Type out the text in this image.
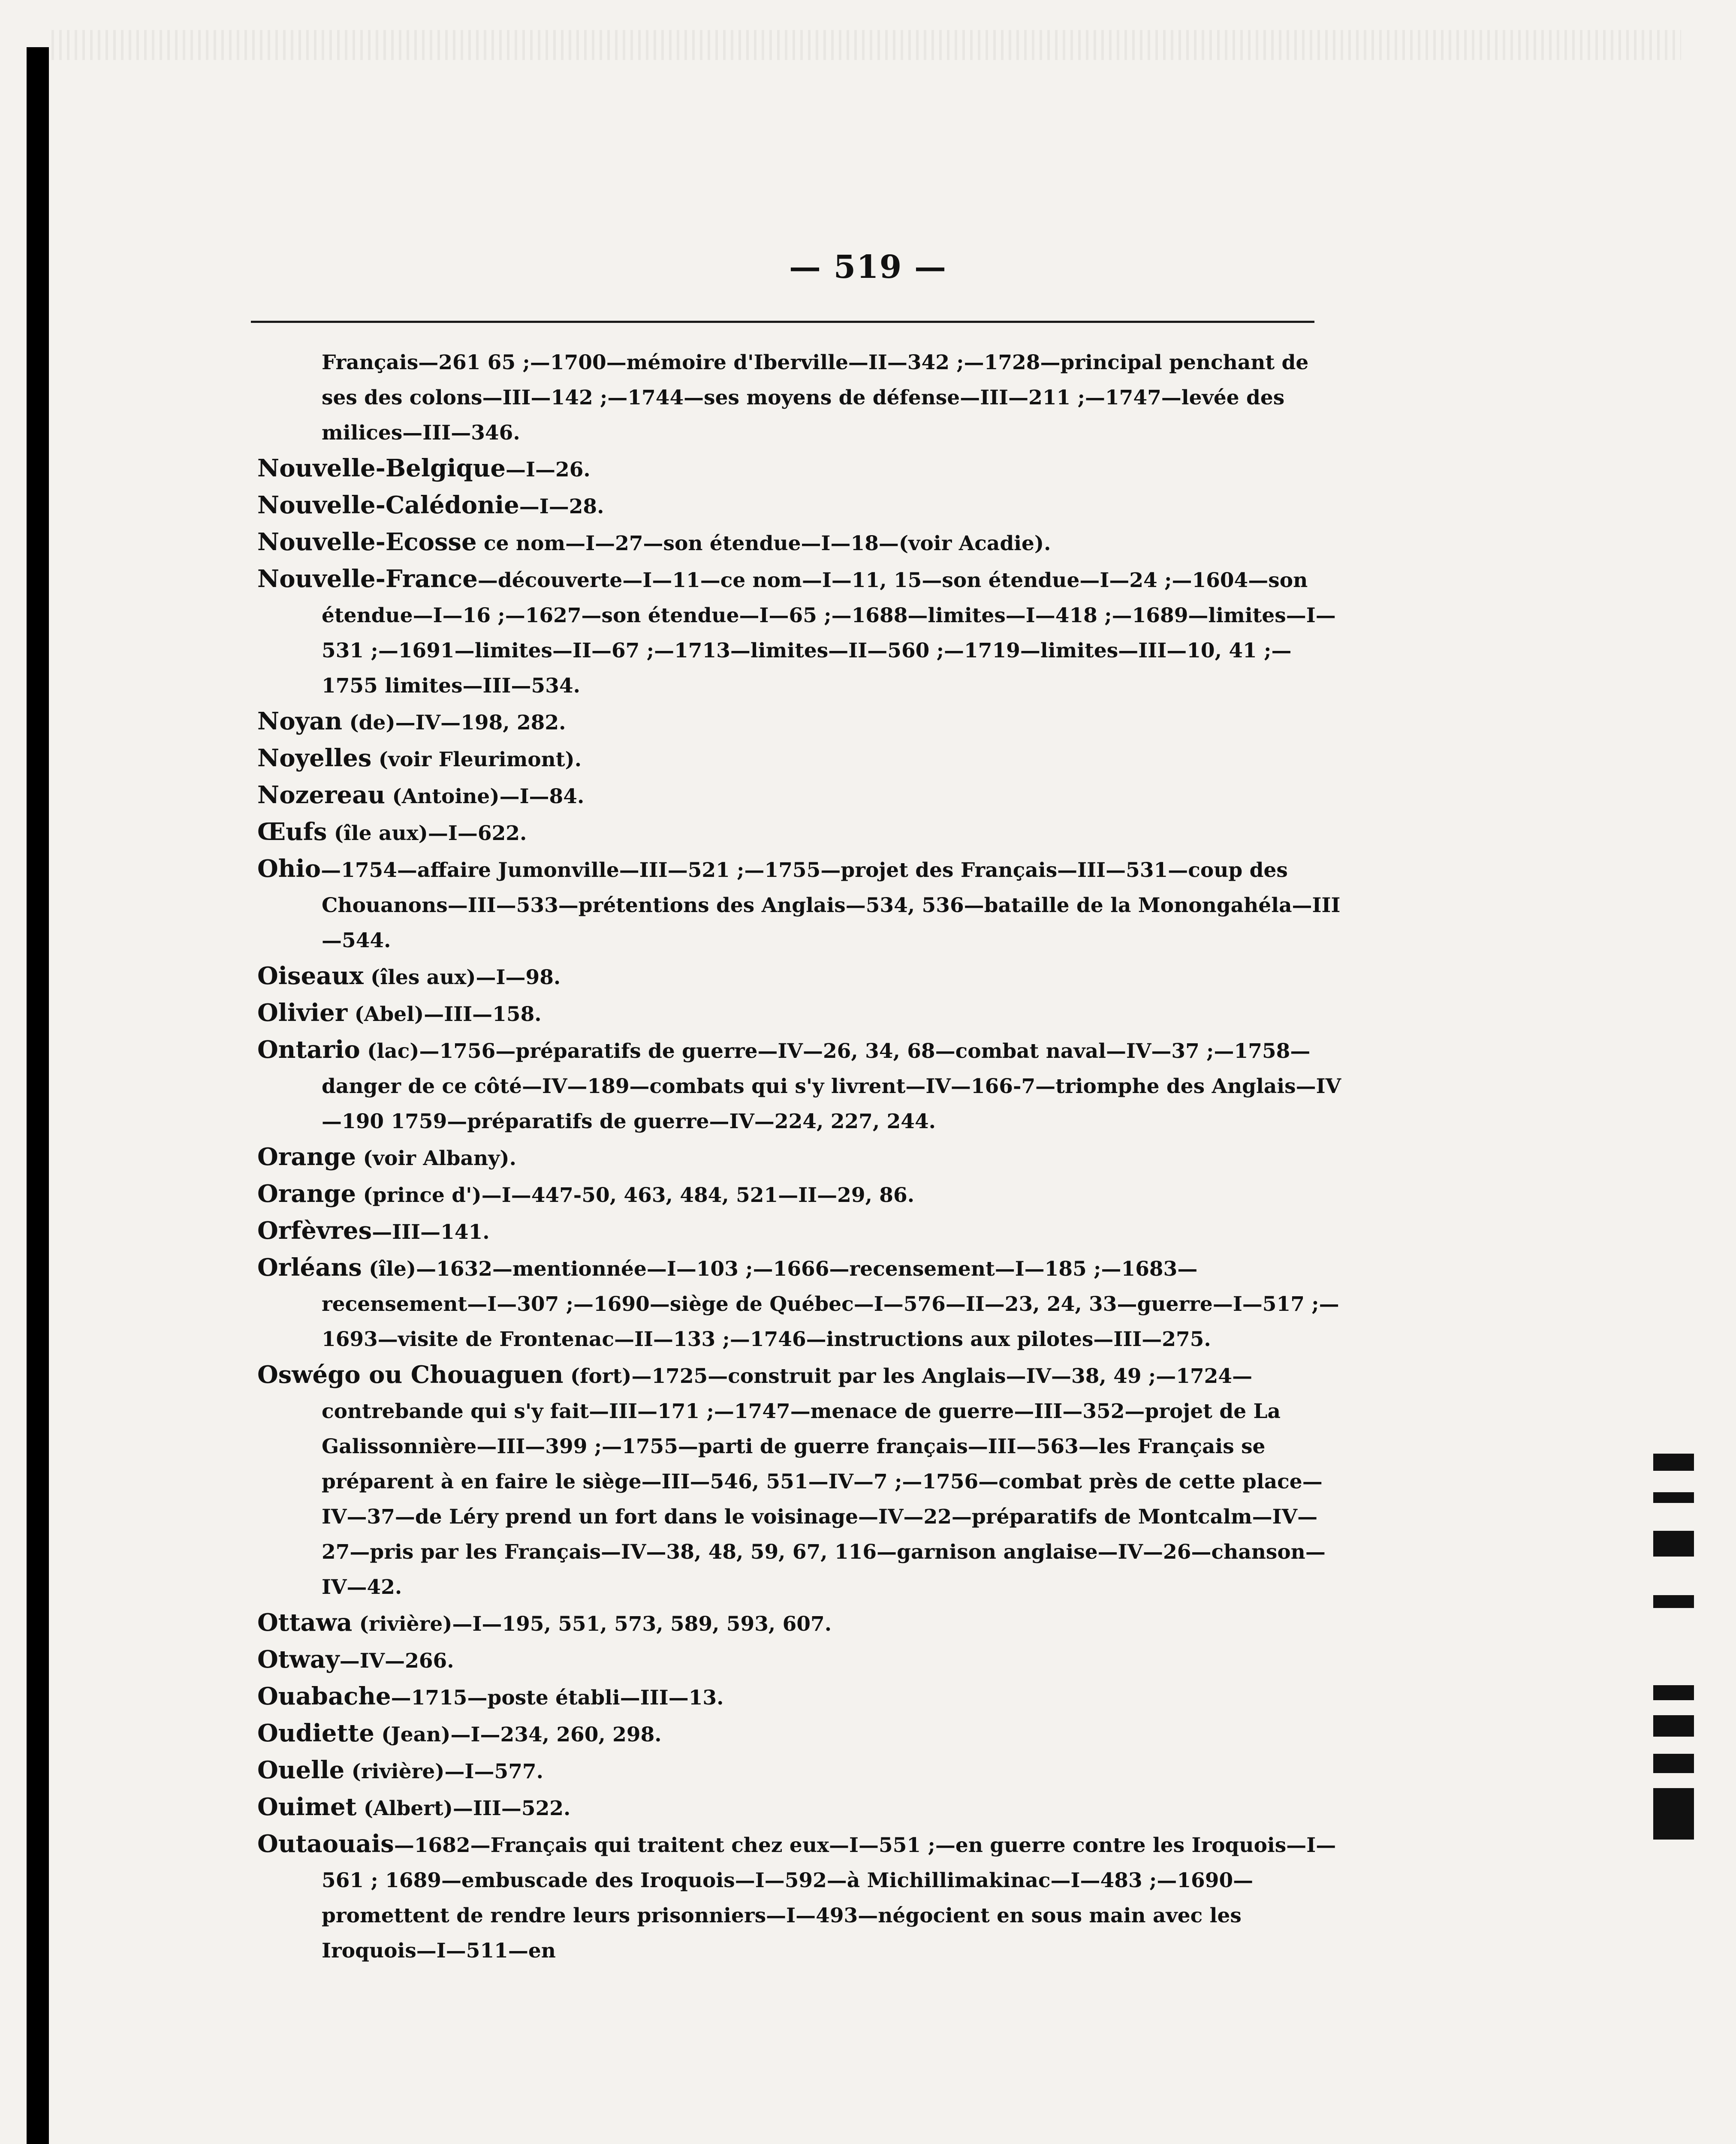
— 519 —

Français—261 65 ;—1700—mémoire d'Iberville—II—342 ;—1728—principal penchant de ses des colons—III—142 ;—1744—ses moyens de défense—III—211 ;—1747—levée des milices—III—346.

Nouvelle-Belgique—I—26.

Nouvelle-Calédonie—I—28.

Nouvelle-Ecosse ce nom—I—27—son étendue—I—18—(voir Acadie).

Nouvelle-France—découverte—I—11—ce nom—I—11, 15—son étendue—I—24 ;—1604—son étendue—I—16 ;—1627—son étendue—I—65 ;—1688—limites—I—418 ;—1689—limites—I—531 ;—1691—limites—II—67 ;—1713—limites—II—560 ;—1719—limites—III—10, 41 ;—1755 limites—III—534.

Noyan (de)—IV—198, 282.

Noyelles (voir Fleurimont).

Nozereau (Antoine)—I—84.

Œufs (île aux)—I—622.

Ohio—1754—affaire Jumonville—III—521 ;—1755—projet des Français—III—531—coup des Chouanons—III—533—prétentions des Anglais—534, 536—bataille de la Monongahéla—III—544.

Oiseaux (îles aux)—I—98.

Olivier (Abel)—III—158.

Ontario (lac)—1756—préparatifs de guerre—IV—26, 34, 68—combat naval—IV—37 ;—1758—danger de ce côté—IV—189—combats qui s'y livrent—IV—166-7—triomphe des Anglais—IV—190 1759—préparatifs de guerre—IV—224, 227, 244.

Orange (voir Albany).

Orange (prince d')—I—447-50, 463, 484, 521—II—29, 86.

Orfèvres—III—141.

Orléans (île)—1632—mentionnée—I—103 ;—1666—recensement—I—185 ;—1683—recensement—I—307 ;—1690—siège de Québec—I—576—II—23, 24, 33—guerre—I—517 ;—1693—visite de Frontenac—II—133 ;—1746—instructions aux pilotes—III—275.

Oswégo ou Chouaguen (fort)—1725—construit par les Anglais—IV—38, 49 ;—1724—contrebande qui s'y fait—III—171 ;—1747—menace de guerre—III—352—projet de La Galissonnière—III—399 ;—1755—parti de guerre français—III—563—les Français se préparent à en faire le siège—III—546, 551—IV—7 ;—1756—combat près de cette place—IV—37—de Léry prend un fort dans le voisinage—IV—22—préparatifs de Montcalm—IV—27—pris par les Français—IV—38, 48, 59, 67, 116—garnison anglaise—IV—26—chanson—IV—42.

Ottawa (rivière)—I—195, 551, 573, 589, 593, 607.

Otway—IV—266.

Ouabache—1715—poste établi—III—13.

Oudiette (Jean)—I—234, 260, 298.

Ouelle (rivière)—I—577.

Ouimet (Albert)—III—522.

Outaouais—1682—Français qui traitent chez eux—I—551 ;—en guerre contre les Iroquois—I—561 ; 1689—embuscade des Iroquois—I—592—à Michillimakinac—I—483 ;—1690—promettent de rendre leurs prisonniers—I—493—négocient en sous main avec les Iroquois—I—511—en
